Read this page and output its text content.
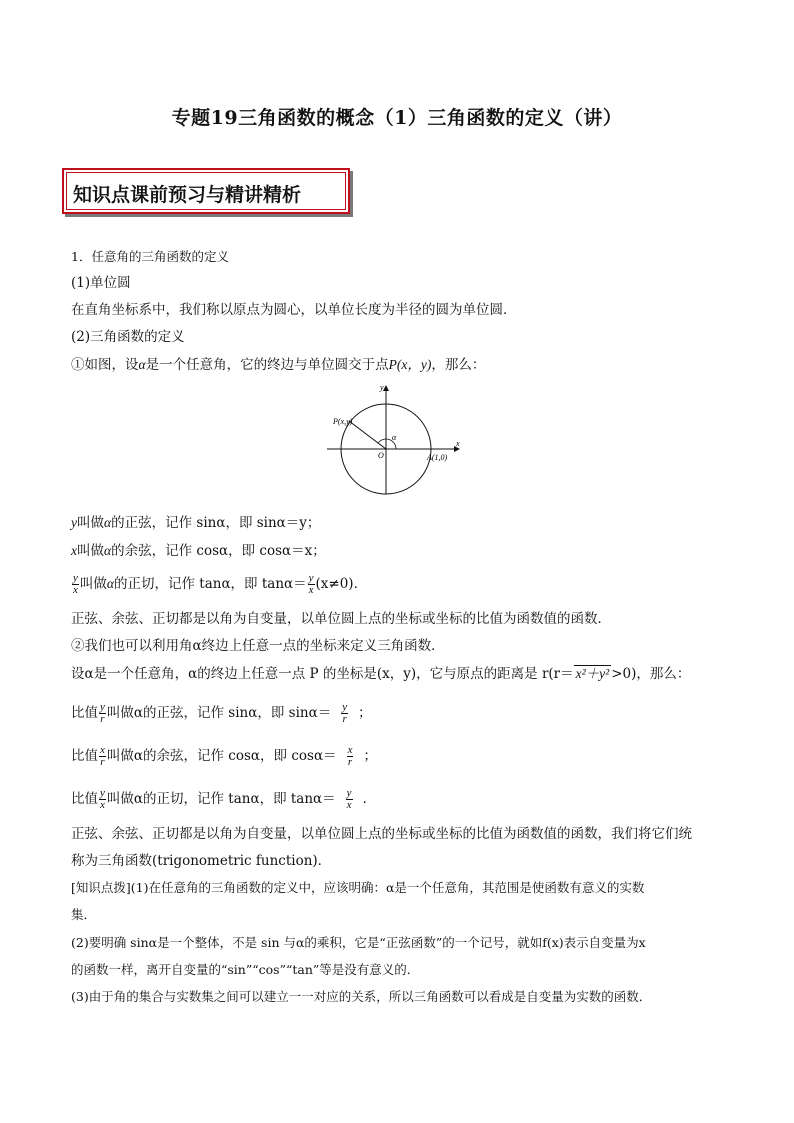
专题19三角函数的概念（1）三角函数的定义（讲）
知识点课前预习与精讲精析
1．任意角的三角函数的定义
(1)单位圆
在直角坐标系中，我们称以原点为圆心，以单位长度为半径的圆为单位圆．
(2)三角函数的定义
①如图，设α是一个任意角，它的终边与单位圆交于点P(x，y)，那么：
y
x
P(x,y)
α
O	A(1,0)
y叫做α的正弦，记作 sinα，即 sinα＝y；
x叫做α的余弦，记作 cosα，即 cosα＝x；
$\frac{y}{x}$ 叫做α的正切，记作 tanα，即 $\tan\alpha= \frac{y}{x} (x\ne 0)$．
正弦、余弦、正切都是以角为自变量，以单位圆上点的坐标或坐标的比值为函数值的函数．
②我们也可以利用角α终边上任意一点的坐标来定义三角函数．
设α是一个任意角，α的终边上任意一点 P 的坐标是(x，y)，它与原点的距离是 r(r＝ x²＋y² >0)，那么：
比值 $\frac{y}{r}$ 叫做α的正弦，记作 sinα，即 $\sin\alpha= \frac{y}{r}$ ；
比值 $\frac{x}{r}$ 叫做α的余弦，记作 cosα，即 $\cos\alpha= \frac{x}{r}$ ；
比值 $\frac{y}{x}$ 叫做α的正切，记作 tanα，即 $\tan\alpha= \frac{y}{x}$ ．
正弦、余弦、正切都是以角为自变量，以单位圆上点的坐标或坐标的比值为函数值的函数，我们将它们统
称为三角函数(trigonometric function)．
[知识点拨](1)在任意角的三角函数的定义中，应该明确：α是一个任意角，其范围是使函数有意义的实数
集．
(2)要明确 sinα是一个整体，不是 sin 与α的乘积，它是“正弦函数”的一个记号，就如f(x)表示自变量为x
的函数一样，离开自变量的“sin”“cos”“tan”等是没有意义的．
(3)由于角的集合与实数集之间可以建立一一对应的关系，所以三角函数可以看成是自变量为实数的函数．
